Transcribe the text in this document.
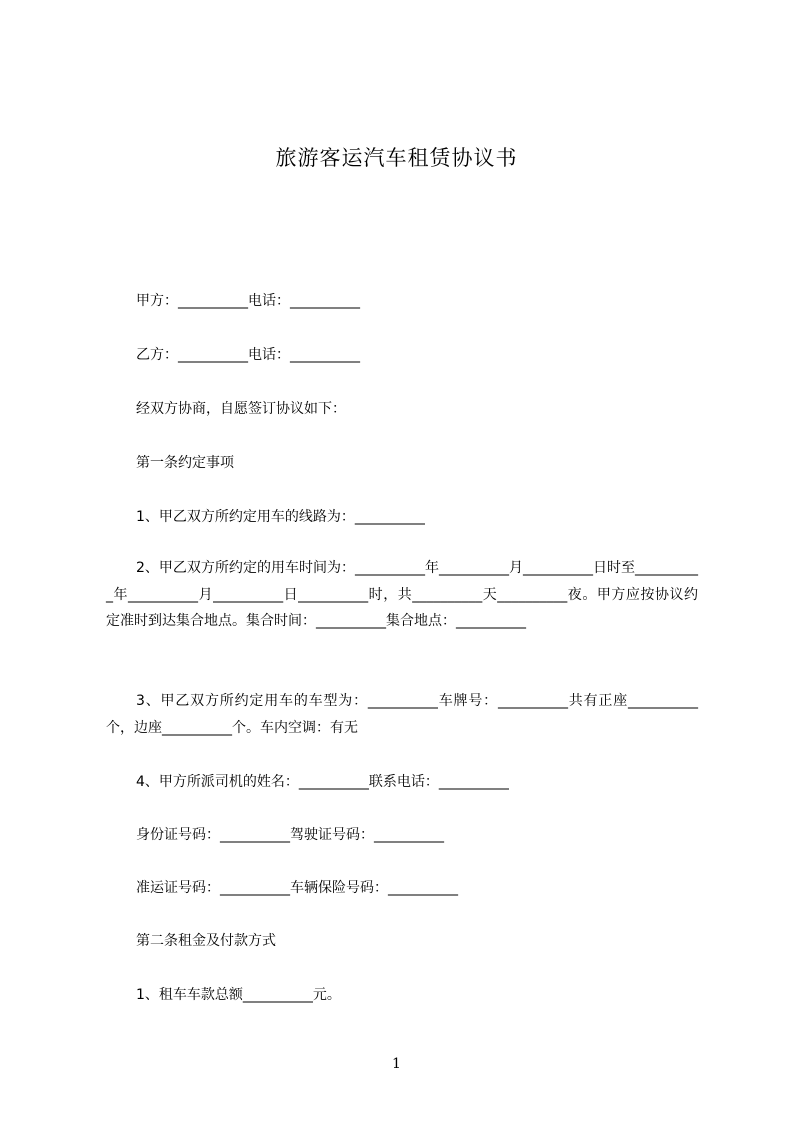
旅游客运汽车租赁协议书
甲方：__________电话：__________
乙方：__________电话：__________
经双方协商，自愿签订协议如下：
第一条约定事项
1、甲乙双方所约定用车的线路为：__________
2、甲乙双方所约定的用车时间为：__________年__________月__________日时至__________年__________月__________日__________时，共__________天__________夜。甲方应按协议约定准时到达集合地点。集合时间：__________集合地点：__________
3、甲乙双方所约定用车的车型为：__________车牌号：__________共有正座__________个，边座__________个。车内空调：有无
4、甲方所派司机的姓名：__________联系电话：__________
身份证号码：__________驾驶证号码：__________
准运证号码：__________车辆保险号码：__________
第二条租金及付款方式
1、租车车款总额__________元。
1
